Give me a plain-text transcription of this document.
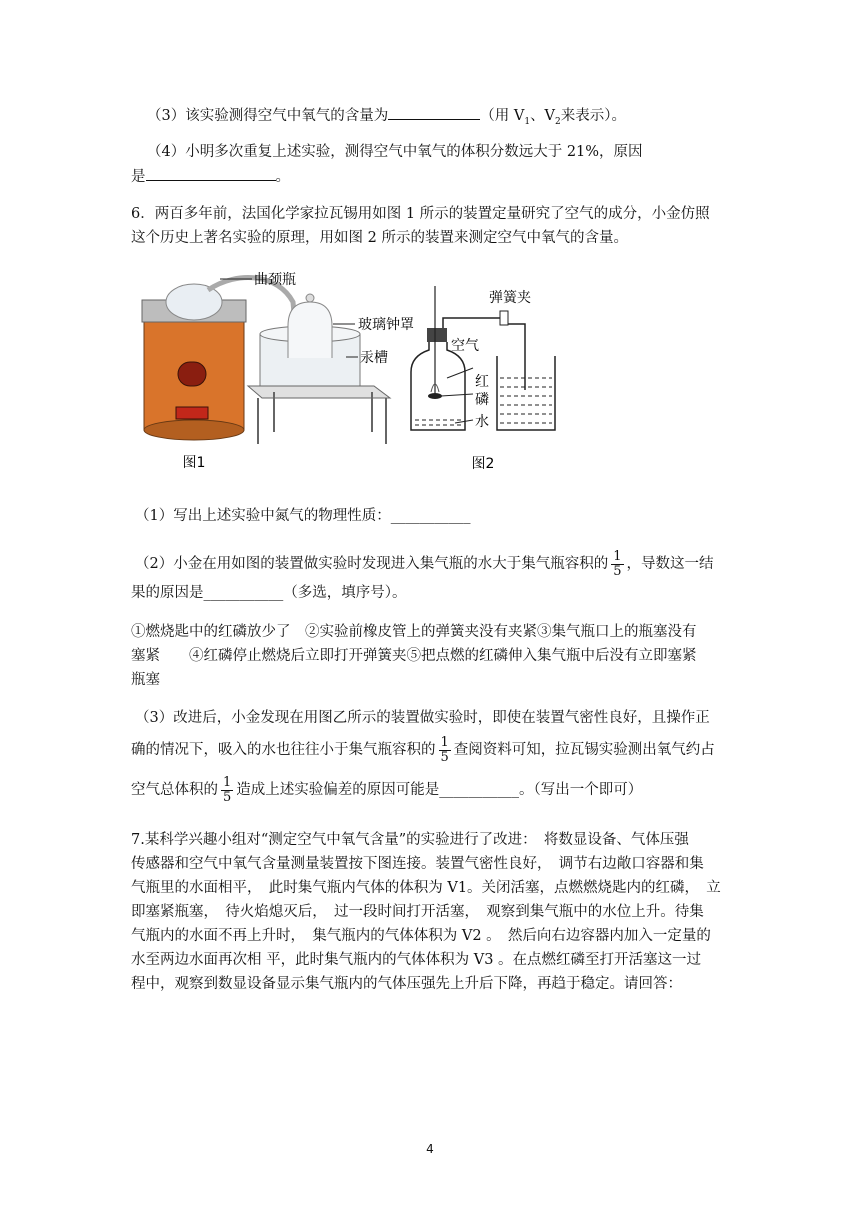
（3）该实验测得空气中氧气的含量为	（用 $V_1$、$V_2$来表示）。
（4）小明多次重复上述实验，测得空气中氧气的体积分数远大于 21%，原因
是	。
6．两百多年前，法国化学家拉瓦锡用如图 1 所示的装置定量研究了空气的成分，小金仿照
这个历史上著名实验的原理，用如图 2 所示的装置来测定空气中氧气的含量。
曲颈瓶
玻璃钟罩
汞槽
图1
弹簧夹
空气
红
磷
水
图2
（1）写出上述实验中氮气的物理性质：___________
（2）小金在用如图的装置做实验时发现进入集气瓶的水大于集气瓶容积的 $\frac{1}{5}$ ，导数这一结
果的原因是___________（多选，填序号）。
①燃烧匙中的红磷放少了　②实验前橡皮管上的弹簧夹没有夹紧③集气瓶口上的瓶塞没有
塞紧　　④红磷停止燃烧后立即打开弹簧夹⑤把点燃的红磷伸入集气瓶中后没有立即塞紧
瓶塞
（3）改进后，小金发现在用图乙所示的装置做实验时，即使在装置气密性良好，且操作正
确的情况下，吸入的水也往往小于集气瓶容积的 $\frac{1}{5}$ 查阅资料可知，拉瓦锡实验测出氧气约占
空气总体积的 $\frac{1}{5}$ 造成上述实验偏差的原因可能是___________。（写出一个即可）
7.某科学兴趣小组对“测定空气中氧气含量”的实验进行了改进：　将数显设备、气体压强
传感器和空气中氧气含量测量装置按下图连接。装置气密性良好，　调节右边敞口容器和集
气瓶里的水面相平，　此时集气瓶内气体的体积为 V1。关闭活塞，点燃燃烧匙内的红磷，　立
即塞紧瓶塞，　待火焰熄灭后，　过一段时间打开活塞，　观察到集气瓶中的水位上升。待集
气瓶内的水面不再上升时，　集气瓶内的气体体积为 V2 。　然后向右边容器内加入一定量的
水至两边水面再次相 平，此时集气瓶内的气体体积为 V3 。在点燃红磷至打开活塞这一过
程中，观察到数显设备显示集气瓶内的气体压强先上升后下降，再趋于稳定。请回答：
4
